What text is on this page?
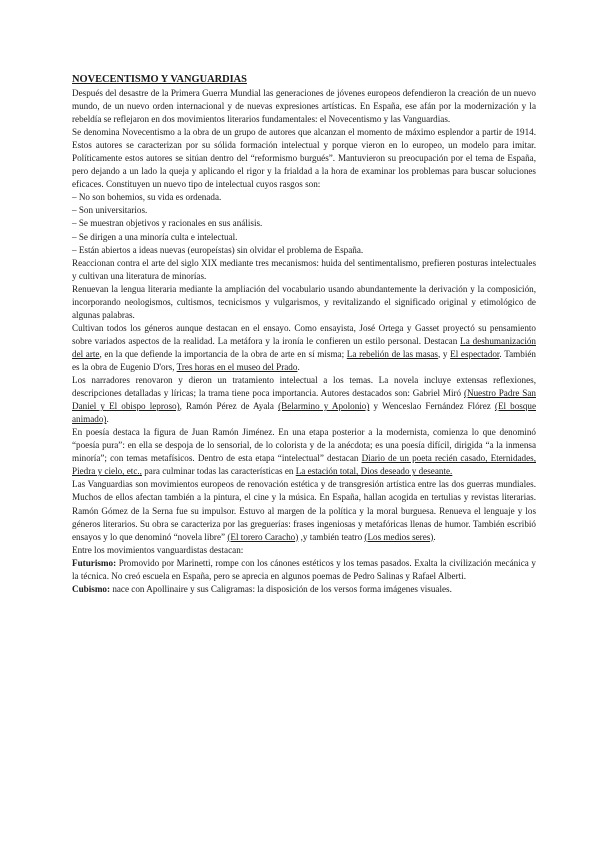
NOVECENTISMO Y VANGUARDIAS

Después del desastre de la Primera Guerra Mundial las generaciones de jóvenes europeos defendieron la creación de un nuevo mundo, de un nuevo orden internacional y de nuevas expresiones artísticas. En España, ese afán por la modernización y la rebeldía se reflejaron en dos movimientos literarios fundamentales: el Novecentismo y las Vanguardias.

Se denomina Novecentismo a la obra de un grupo de autores que alcanzan el momento de máximo esplendor a partir de 1914. Estos autores se caracterizan por su sólida formación intelectual y porque vieron en lo europeo, un modelo para imitar. Políticamente estos autores se sitúan dentro del “reformismo burgués”. Mantuvieron su preocupación por el tema de España, pero dejando a un lado la queja y aplicando el rigor y la frialdad a la hora de examinar los problemas para buscar soluciones eficaces. Constituyen un nuevo tipo de intelectual cuyos rasgos son:

– No son bohemios, su vida es ordenada.
– Son universitarios.
– Se muestran objetivos y racionales en sus análisis.
– Se dirigen a una minoría culta e intelectual.
– Están abiertos a ideas nuevas (europeístas) sin olvidar el problema de España.

Reaccionan contra el arte del siglo XIX mediante tres mecanismos: huida del sentimentalismo, prefieren posturas intelectuales y cultivan una literatura de minorías.

Renuevan la lengua literaria mediante la ampliación del vocabulario usando abundantemente la derivación y la composición, incorporando neologismos, cultismos, tecnicismos y vulgarismos, y revitalizando el significado original y etimológico de algunas palabras.

Cultivan todos los géneros aunque destacan en el ensayo. Como ensayista, José Ortega y Gasset proyectó su pensamiento sobre variados aspectos de la realidad. La metáfora y la ironía le confieren un estilo personal. Destacan La deshumanización del arte, en la que defiende la importancia de la obra de arte en sí misma; La rebelión de las masas, y El espectador. También es la obra de Eugenio D'ors, Tres horas en el museo del Prado.

Los narradores renovaron y dieron un tratamiento intelectual a los temas. La novela incluye extensas reflexiones, descripciones detalladas y líricas; la trama tiene poca importancia. Autores destacados son: Gabriel Miró (Nuestro Padre San Daniel y El obispo leproso), Ramón Pérez de Ayala (Belarmino y Apolonio) y Wenceslao Fernández Flórez (El bosque animado).

En poesía destaca la figura de Juan Ramón Jiménez. En una etapa posterior a la modernista, comienza lo que denominó “poesía pura”: en ella se despoja de lo sensorial, de lo colorista y de la anécdota; es una poesía difícil, dirigida “a la inmensa minoría”; con temas metafísicos. Dentro de esta etapa “intelectual” destacan Diario de un poeta recién casado, Eternidades, Piedra y cielo, etc., para culminar todas las características en La estación total, Dios deseado y deseante.

Las Vanguardias son movimientos europeos de renovación estética y de transgresión artística entre las dos guerras mundiales. Muchos de ellos afectan también a la pintura, el cine y la música. En España, hallan acogida en tertulias y revistas literarias. Ramón Gómez de la Serna fue su impulsor. Estuvo al margen de la política y la moral burguesa. Renueva el lenguaje y los géneros literarios. Su obra se caracteriza por las greguerías: frases ingeniosas y metafóricas llenas de humor. También escribió ensayos y lo que denominó “novela libre” (El torero Caracho) ,y también teatro (Los medios seres).

Entre los movimientos vanguardistas destacan:

Futurismo: Promovido por Marinetti, rompe con los cánones estéticos y los temas pasados. Exalta la civilización mecánica y la técnica. No creó escuela en España, pero se aprecia en algunos poemas de Pedro Salinas y Rafael Alberti.

Cubismo: nace con Apollinaire y sus Caligramas: la disposición de los versos forma imágenes visuales.
